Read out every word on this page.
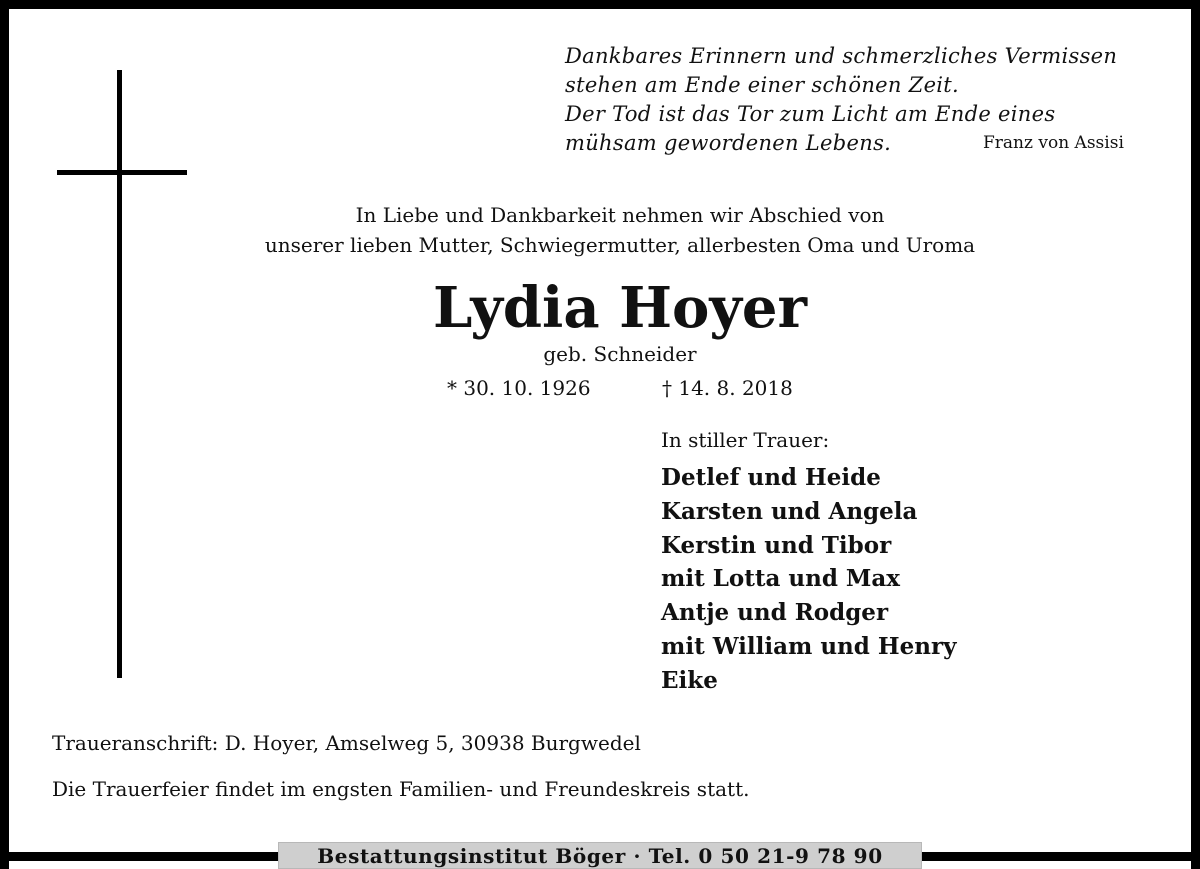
Dankbares Erinnern und schmerzliches Vermissen
stehen am Ende einer schönen Zeit.
Der Tod ist das Tor zum Licht am Ende eines
mühsam gewordenen Lebens.	Franz von Assisi
In Liebe und Dankbarkeit nehmen wir Abschied von
unserer lieben Mutter, Schwiegermutter, allerbesten Oma und Uroma
Lydia Hoyer
geb. Schneider
* 30. 10. 1926	† 14. 8. 2018
In stiller Trauer:
Detlef und Heide
Karsten und Angela
Kerstin und Tibor
mit Lotta und Max
Antje und Rodger
mit William und Henry
Eike
Traueranschrift: D. Hoyer, Amselweg 5, 30938 Burgwedel
Die Trauerfeier findet im engsten Familien- und Freundeskreis statt.
Bestattungsinstitut Böger · Tel. 0 50 21-9 78 90
